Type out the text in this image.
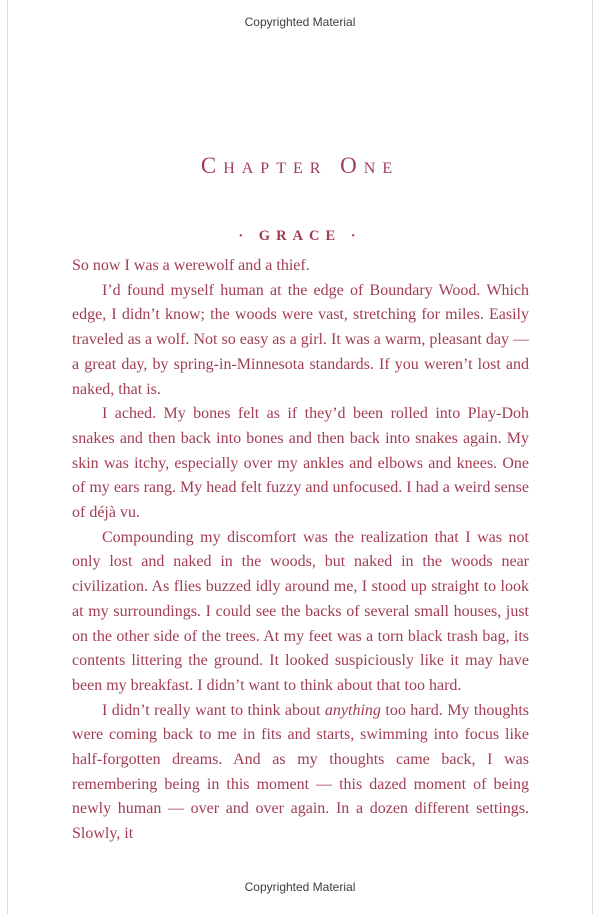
Copyrighted Material
Chapter One
· GRACE ·

So now I was a werewolf and a thief.

I’d found myself human at the edge of Boundary Wood. Which edge, I didn’t know; the woods were vast, stretching for miles. Easily traveled as a wolf. Not so easy as a girl. It was a warm, pleasant day — a great day, by spring-in-Minnesota standards. If you weren’t lost and naked, that is.

I ached. My bones felt as if they’d been rolled into Play-Doh snakes and then back into bones and then back into snakes again. My skin was itchy, especially over my ankles and elbows and knees. One of my ears rang. My head felt fuzzy and unfocused. I had a weird sense of déjà vu.

Compounding my discomfort was the realization that I was not only lost and naked in the woods, but naked in the woods near civilization. As flies buzzed idly around me, I stood up straight to look at my surroundings. I could see the backs of several small houses, just on the other side of the trees. At my feet was a torn black trash bag, its contents littering the ground. It looked suspiciously like it may have been my breakfast. I didn’t want to think about that too hard.

I didn’t really want to think about anything too hard. My thoughts were coming back to me in fits and starts, swimming into focus like half-forgotten dreams. And as my thoughts came back, I was remembering being in this moment — this dazed moment of being newly human — over and over again. In a dozen different settings. Slowly, it

Copyrighted Material
